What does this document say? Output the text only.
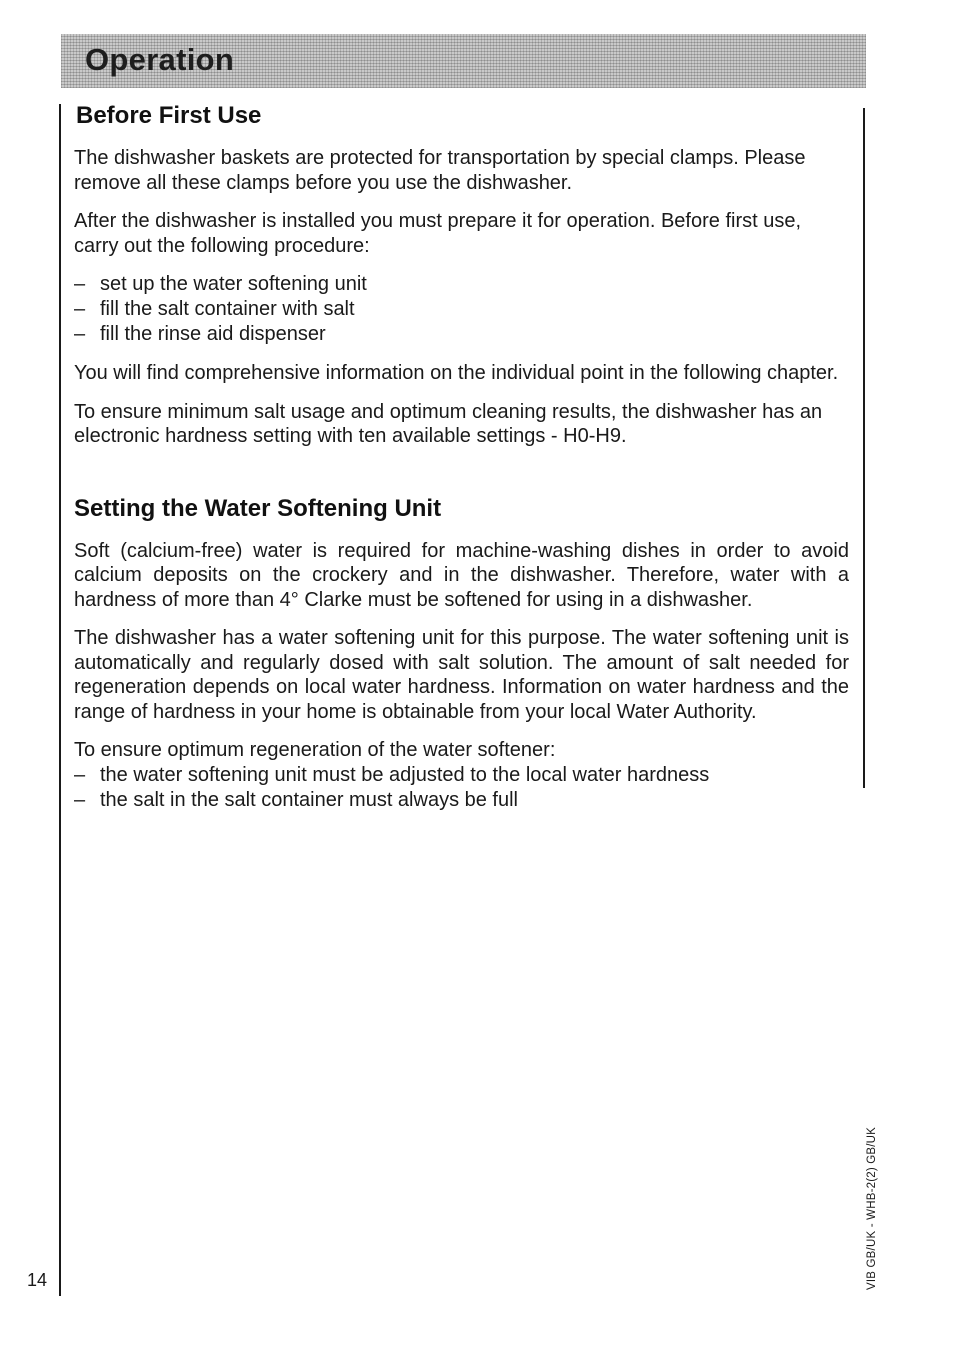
Operation
Before First Use

The dishwasher baskets are protected for transportation by special clamps. Please remove all these clamps before you use the dishwasher.

After the dishwasher is installed you must prepare it for operation. Before first use, carry out the following procedure:

– set up the water softening unit
– fill the salt container with salt
– fill the rinse aid dispenser

You will find comprehensive information on the individual point in the following chapter.

To ensure minimum salt usage and optimum cleaning results, the dishwasher has an electronic hardness setting with ten available settings - H0-H9.

Setting the Water Softening Unit

Soft (calcium-free) water is required for machine-washing dishes in order to avoid calcium deposits on the crockery and in the dishwasher. Therefore, water with a hardness of more than 4° Clarke must be softened for using in a dishwasher.

The dishwasher has a water softening unit for this purpose. The water softening unit is automatically and regularly dosed with salt solution. The amount of salt needed for regeneration depends on local water hardness. Information on water hardness and the range of hardness in your home is obtainable from your local Water Authority.

To ensure optimum regeneration of the water softener:

– the water softening unit must be adjusted to the local water hardness
– the salt in the salt container must always be full
14	VIB GB/UK - WHB-2(2) GB/UK
